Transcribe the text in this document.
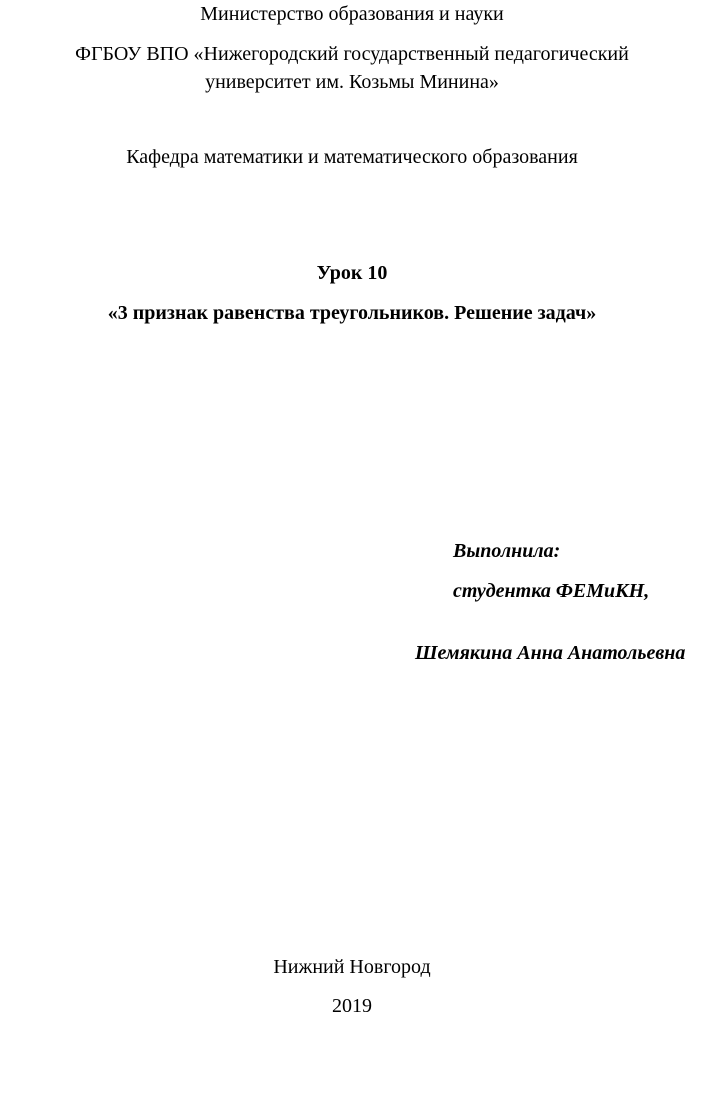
Министерство образования и науки
ФГБОУ ВПО «Нижегородский государственный педагогический
университет им. Козьмы Минина»
Кафедра математики и математического образования
Урок 10
«3 признак равенства треугольников. Решение задач»
Выполнила:
студентка ФЕМиКН,
Шемякина Анна Анатольевна
Нижний Новгород
2019
